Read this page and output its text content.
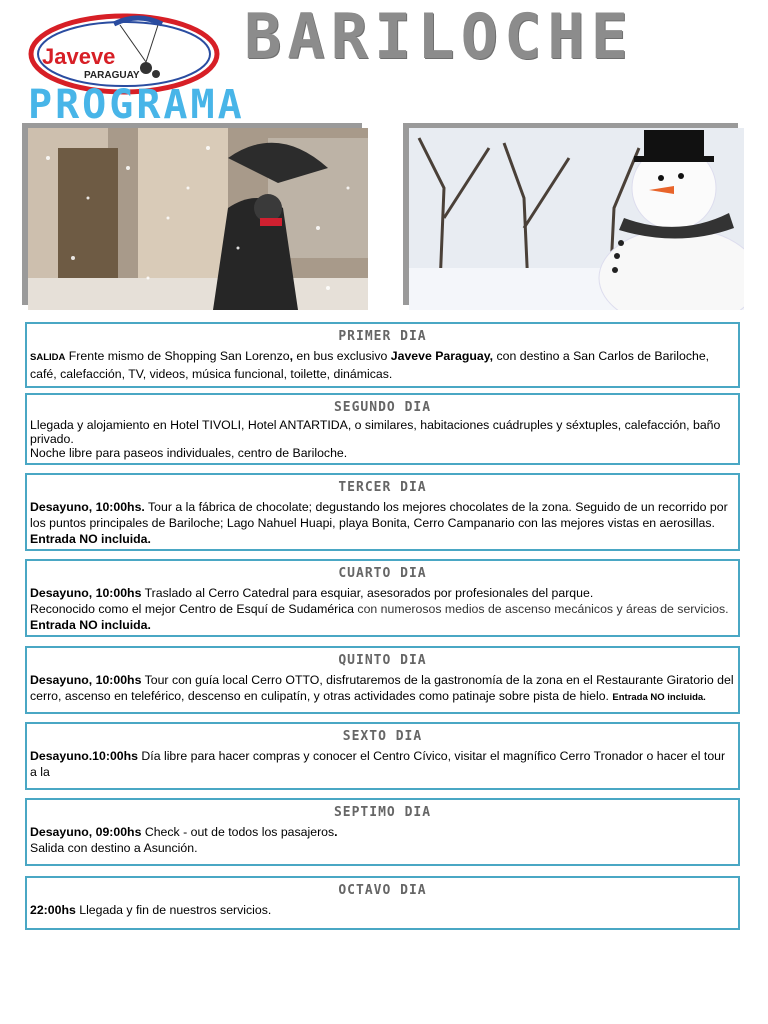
Javeve
PARAGUAY
BARILOCHE
PROGRAMA
PRIMER DIA

SALIDA Frente mismo de Shopping San Lorenzo, en bus exclusivo Javeve Paraguay, con destino a San Carlos de Bariloche, café, calefacción, TV, videos, música funcional, toilette, dinámicas.

SEGUNDO DIA

Llegada y alojamiento en Hotel TIVOLI, Hotel ANTARTIDA, o similares, habitaciones cuádruples y séxtuples, calefacción, baño privado.

Noche libre para paseos individuales, centro de Bariloche.

TERCER DIA

Desayuno, 10:00hs. Tour a la fábrica de chocolate; degustando los mejores chocolates de la zona. Seguido de un recorrido por los puntos principales de Bariloche; Lago Nahuel Huapi, playa Bonita, Cerro Campanario con las mejores vistas en aerosillas.

Entrada NO incluida.

CUARTO DIA

Desayuno, 10:00hs Traslado al Cerro Catedral para esquiar, asesorados por profesionales del parque.

Reconocido como el mejor Centro de Esquí de Sudamérica con numerosos medios de ascenso mecánicos y áreas de servicios.

Entrada NO incluida.

QUINTO DIA

Desayuno, 10:00hs Tour con guía local Cerro OTTO, disfrutaremos de la gastronomía de la zona en el Restaurante Giratorio del cerro, ascenso en teleférico, descenso en culipatín, y otras actividades como patinaje sobre pista de hielo. Entrada NO incluida.

SEXTO DIA

Desayuno.10:00hs Día libre para hacer compras y conocer el Centro Cívico, visitar el magnífico Cerro Tronador o hacer el tour a la

SEPTIMO DIA

Desayuno, 09:00hs Check - out de todos los pasajeros.

Salida con destino a Asunción.

OCTAVO DIA

22:00hs Llegada y fin de nuestros servicios.
